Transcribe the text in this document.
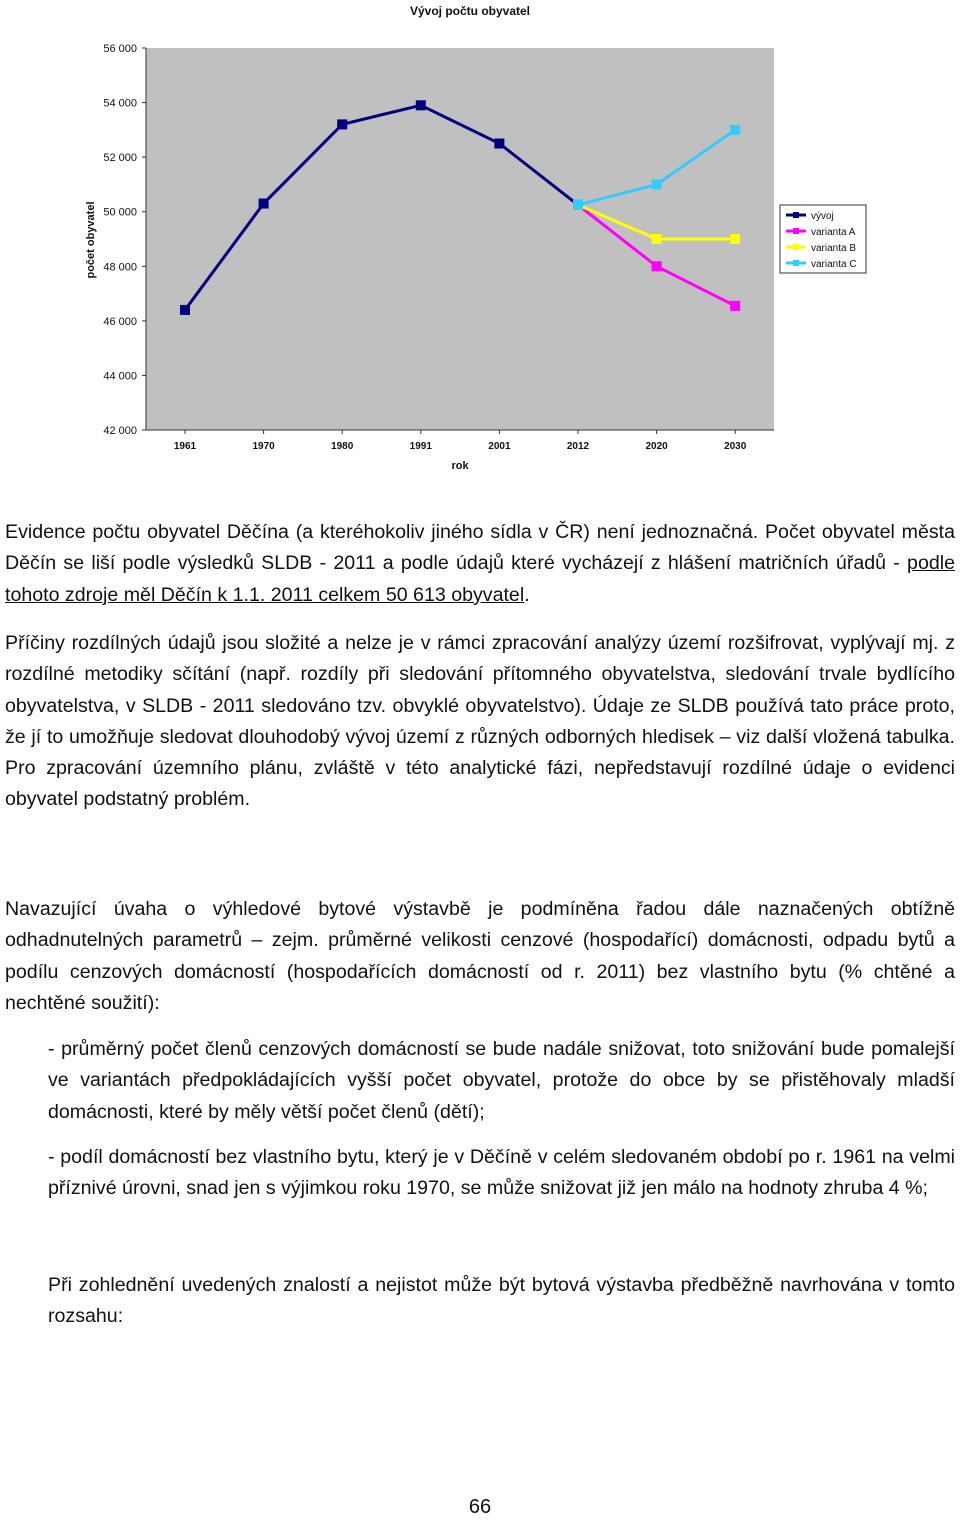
Vývoj počtu obyvatel
42 000
44 000
46 000
48 000
50 000
52 000
54 000
56 000
1961	1970	1980	1991	2001	2012	2020	2030
rok
počet obyvatel	vývoj
varianta A
varianta B
varianta C

Evidence počtu obyvatel Děčína (a kteréhokoliv jiného sídla v ČR) není jednoznačná. Počet obyvatel města Děčín se liší podle výsledků SLDB - 2011 a podle údajů které vycházejí z hlášení matričních úřadů - podle tohoto zdroje měl Děčín k 1.1. 2011 celkem 50 613 obyvatel.

Příčiny rozdílných údajů jsou složité a nelze je v rámci zpracování analýzy území rozšifrovat, vyplývají mj. z rozdílné metodiky sčítání (např. rozdíly při sledování přítomného obyvatelstva, sledování trvale bydlícího obyvatelstva, v SLDB - 2011 sledováno tzv. obvyklé obyvatelstvo). Údaje ze SLDB používá tato práce proto, že jí to umožňuje sledovat dlouhodobý vývoj území z různých odborných hledisek – viz další vložená tabulka. Pro zpracování územního plánu, zvláště v této analytické fázi, nepředstavují rozdílné údaje o evidenci obyvatel podstatný problém.

Navazující úvaha o výhledové bytové výstavbě je podmíněna řadou dále naznačených obtížně odhadnutelných parametrů – zejm. průměrné velikosti cenzové (hospodařící) domácnosti, odpadu bytů a podílu cenzových domácností (hospodařících domácností od r. 2011) bez vlastního bytu (% chtěné a nechtěné soužití):

- průměrný počet členů cenzových domácností se bude nadále snižovat, toto snižování bude pomalejší ve variantách předpokládajících vyšší počet obyvatel, protože do obce by se přistěhovaly mladší domácnosti, které by měly větší počet členů (dětí);

- podíl domácností bez vlastního bytu, který je v Děčíně v celém sledovaném období po r. 1961 na velmi příznivé úrovni, snad jen s výjimkou roku 1970, se může snižovat již jen málo na hodnoty zhruba 4 %;

Při zohlednění uvedených znalostí a nejistot může být bytová výstavba předběžně navrhována v tomto rozsahu:

66
